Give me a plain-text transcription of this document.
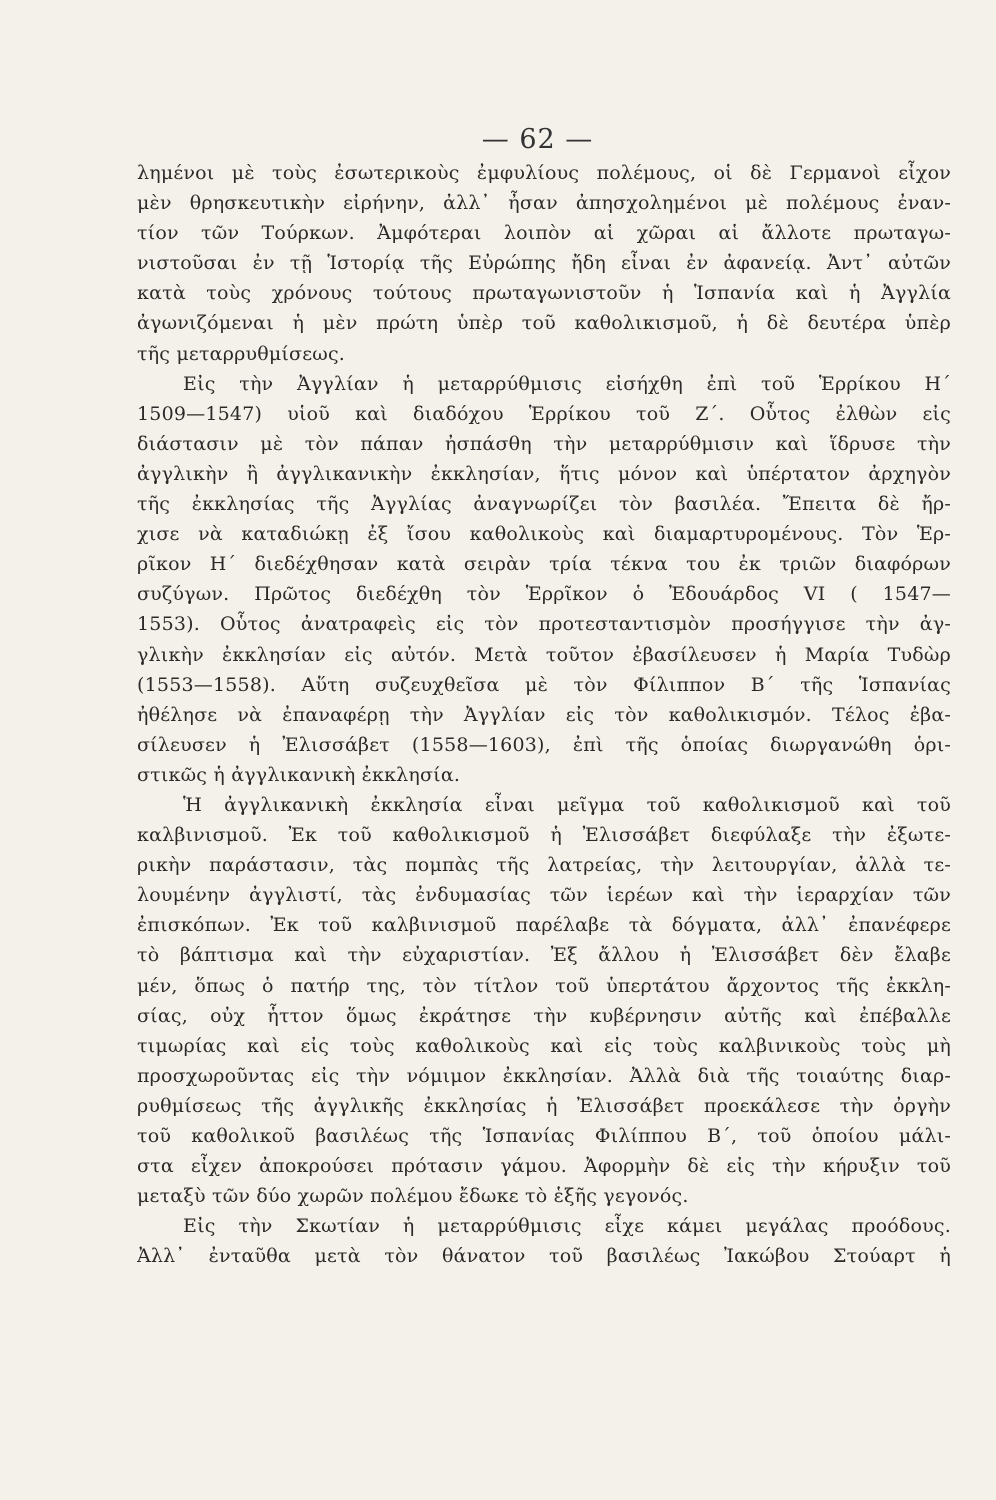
— 62 —
λημένοι μὲ τοὺς ἐσωτερικοὺς ἐμφυλίους πολέμους, οἱ δὲ Γερμανοὶ εἶχον
μὲν θρησκευτικὴν εἰρήνην, ἀλλ᾽ ἦσαν ἀπησχολημένοι μὲ πολέμους ἐναν-
τίον τῶν Τούρκων. Ἀμφότεραι λοιπὸν αἱ χῶραι αἱ ἄλλοτε πρωταγω-
νιστοῦσαι ἐν τῇ Ἱστορίᾳ τῆς Εὐρώπης ἤδη εἶναι ἐν ἀφανείᾳ. Ἀντ᾽ αὐτῶν
κατὰ τοὺς χρόνους τούτους πρωταγωνιστοῦν ἡ Ἱσπανία καὶ ἡ Ἀγγλία
ἀγωνιζόμεναι ἡ μὲν πρώτη ὑπὲρ τοῦ καθολικισμοῦ, ἡ δὲ δευτέρα ὑπὲρ
τῆς μεταρρυθμίσεως.
Εἰς τὴν Ἀγγλίαν ἡ μεταρρύθμισις εἰσήχθη ἐπὶ τοῦ Ἑρρίκου Η΄
1509—1547) υἱοῦ καὶ διαδόχου Ἑρρίκου τοῦ Ζ΄. Οὗτος ἐλθὼν εἰς
διάστασιν μὲ τὸν πάπαν ἠσπάσθη τὴν μεταρρύθμισιν καὶ ἵδρυσε τὴν
ἀγγλικὴν ἢ ἀγγλικανικὴν ἐκκλησίαν, ἥτις μόνον καὶ ὑπέρτατον ἀρχηγὸν
τῆς ἐκκλησίας τῆς Ἀγγλίας ἀναγνωρίζει τὸν βασιλέα. Ἔπειτα δὲ ἤρ-
χισε νὰ καταδιώκῃ ἐξ ἴσου καθολικοὺς καὶ διαμαρτυρομένους. Τὸν Ἑρ-
ρῖκον Η΄ διεδέχθησαν κατὰ σειρὰν τρία τέκνα του ἐκ τριῶν διαφόρων
συζύγων. Πρῶτος διεδέχθη τὸν Ἑρρῖκον ὁ Ἐδουάρδος VI ( 1547—
1553). Οὗτος ἀνατραφεὶς εἰς τὸν προτεσταντισμὸν προσήγγισε τὴν ἀγ-
γλικὴν ἐκκλησίαν εἰς αὐτόν. Μετὰ τοῦτον ἐβασίλευσεν ἡ Μαρία Τυδὼρ
(1553—1558). Αὕτη συζευχθεῖσα μὲ τὸν Φίλιππον Β΄ τῆς Ἱσπανίας
ἠθέλησε νὰ ἐπαναφέρῃ τὴν Ἀγγλίαν εἰς τὸν καθολικισμόν. Τέλος ἐβα-
σίλευσεν ἡ Ἐλισσάβετ (1558—1603), ἐπὶ τῆς ὁποίας διωργανώθη ὁρι-
στικῶς ἡ ἀγγλικανικὴ ἐκκλησία.
Ἡ ἀγγλικανικὴ ἐκκλησία εἶναι μεῖγμα τοῦ καθολικισμοῦ καὶ τοῦ
καλβινισμοῦ. Ἐκ τοῦ καθολικισμοῦ ἡ Ἐλισσάβετ διεφύλαξε τὴν ἐξωτε-
ρικὴν παράστασιν, τὰς πομπὰς τῆς λατρείας, τὴν λειτουργίαν, ἀλλὰ τε-
λουμένην ἀγγλιστί, τὰς ἐνδυμασίας τῶν ἱερέων καὶ τὴν ἱεραρχίαν τῶν
ἐπισκόπων. Ἐκ τοῦ καλβινισμοῦ παρέλαβε τὰ δόγματα, ἀλλ᾽ ἐπανέφερε
τὸ βάπτισμα καὶ τὴν εὐχαριστίαν. Ἐξ ἄλλου ἡ Ἐλισσάβετ δὲν ἔλαβε
μέν, ὅπως ὁ πατήρ της, τὸν τίτλον τοῦ ὑπερτάτου ἄρχοντος τῆς ἐκκλη-
σίας, οὐχ ἧττον ὅμως ἐκράτησε τὴν κυβέρνησιν αὐτῆς καὶ ἐπέβαλλε
τιμωρίας καὶ εἰς τοὺς καθολικοὺς καὶ εἰς τοὺς καλβινικοὺς τοὺς μὴ
προσχωροῦντας εἰς τὴν νόμιμον ἐκκλησίαν. Ἀλλὰ διὰ τῆς τοιαύτης διαρ-
ρυθμίσεως τῆς ἀγγλικῆς ἐκκλησίας ἡ Ἐλισσάβετ προεκάλεσε τὴν ὀργὴν
τοῦ καθολικοῦ βασιλέως τῆς Ἱσπανίας Φιλίππου Β΄, τοῦ ὁποίου μάλι-
στα εἶχεν ἀποκρούσει πρότασιν γάμου. Ἀφορμὴν δὲ εἰς τὴν κήρυξιν τοῦ
μεταξὺ τῶν δύο χωρῶν πολέμου ἔδωκε τὸ ἑξῆς γεγονός.
Εἰς τὴν Σκωτίαν ἡ μεταρρύθμισις εἶχε κάμει μεγάλας προόδους.
Ἀλλ᾽ ἐνταῦθα μετὰ τὸν θάνατον τοῦ βασιλέως Ἰακώβου Στούαρτ ἡ
